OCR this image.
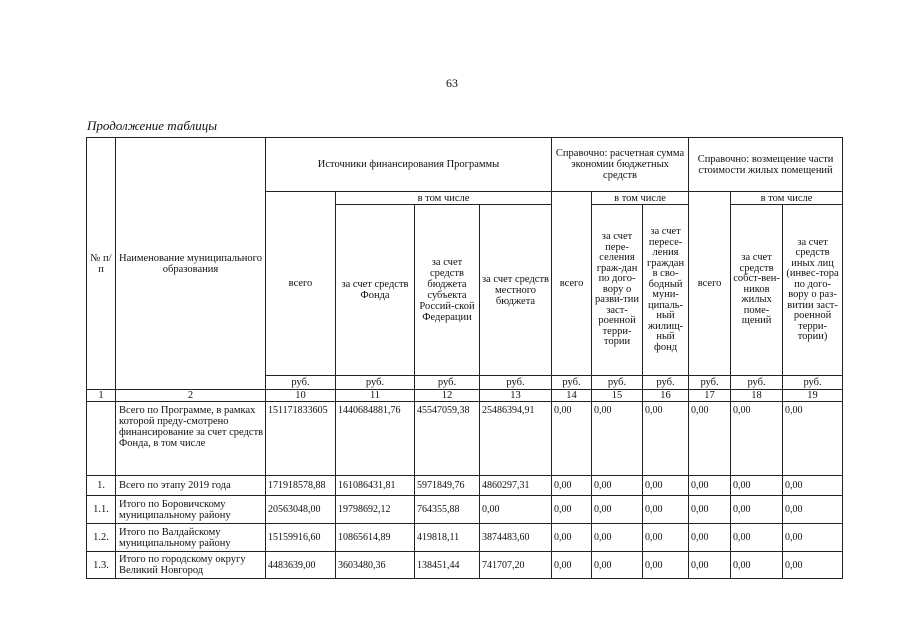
63
Продолжение таблицы
№ п/п	Наименование муниципального образования	Источники финансирования Программы				Справочно: расчетная сумма экономии бюджетных средств			Справочно: возмещение части стоимости жилых помещений		
		всего	в том числе			всего	в том числе		всего	в том числе	
			за счет средств Фонда	за счет средств бюджета субъекта Россий-ской Федерации	за счет средств местного бюджета		за счет пере-селения граж-дан по дого-вору о разви-тии заст-роенной терри-тории	за счет пересе-ления граждан в сво-бодный муни-ципаль-ный жилищ-ный фонд		за счет средств собст-вен-ников жилых поме-щений	за счет средств иных лиц (инвес-тора по дого-вору о раз-витии заст-роенной терри-тории)
		руб.	руб.	руб.	руб.	руб.	руб.	руб.	руб.	руб.	руб.
1	2	10	11	12	13	14	15	16	17	18	19
	Всего по Программе, в рамках которой преду-смотрено финансирование за счет средств Фонда, в том числе	151171833605	1440684881,76	45547059,38	25486394,91	0,00	0,00	0,00	0,00	0,00	0,00
1.	Всего по этапу 2019 года	171918578,88	161086431,81	5971849,76	4860297,31	0,00	0,00	0,00	0,00	0,00	0,00
1.1.	Итого по Боровичскому муниципальному району	20563048,00	19798692,12	764355,88	0,00	0,00	0,00	0,00	0,00	0,00	0,00
1.2.	Итого по Валдайскому муниципальному району	15159916,60	10865614,89	419818,11	3874483,60	0,00	0,00	0,00	0,00	0,00	0,00
1.3.	Итого по городскому округу Великий Новгород	4483639,00	3603480,36	138451,44	741707,20	0,00	0,00	0,00	0,00	0,00	0,00
